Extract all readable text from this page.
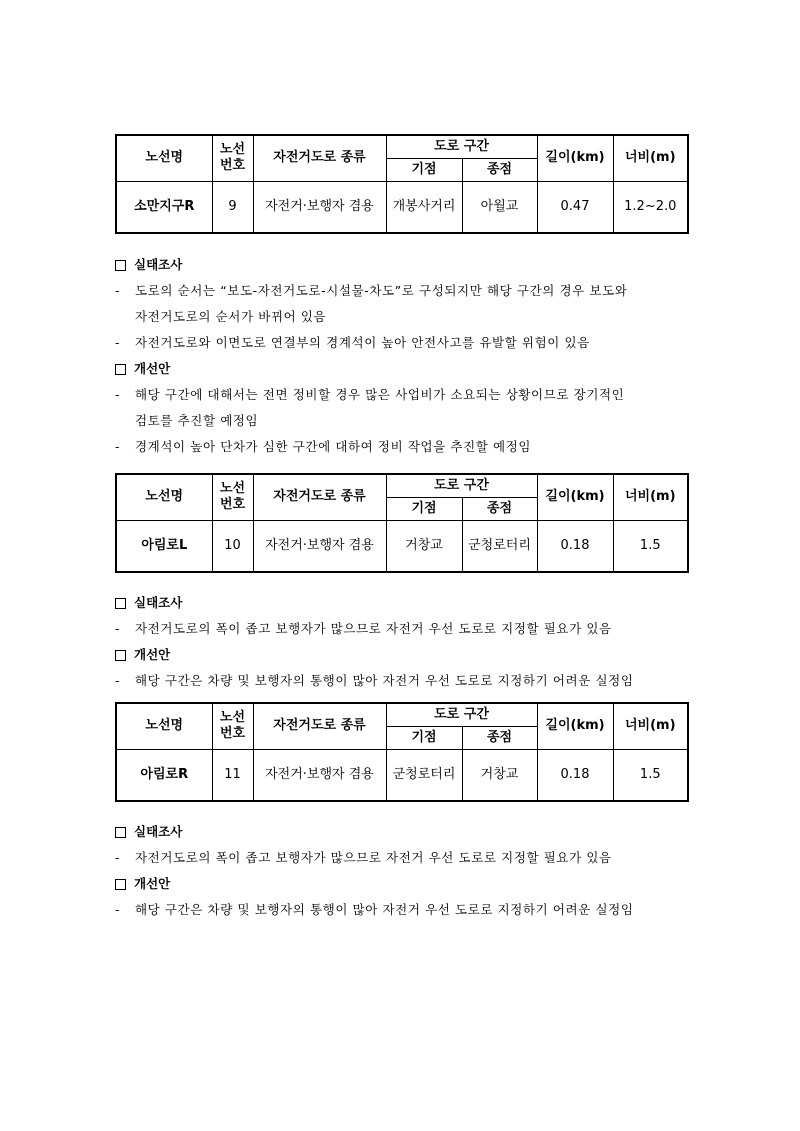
노선명	노선
번호	자전거도로 종류	도로 구간		길이(km)	너비(m)
			기점	종점		
소만지구R	9	자전거·보행자 겸용	개봉사거리	아월교	0.47	1.2~2.0
실태조사
- 도로의 순서는 “보도-자전거도로-시설물-차도”로 구성되지만 해당 구간의 경우 보도와
자전거도로의 순서가 바뀌어 있음
- 자전거도로와 이면도로 연결부의 경계석이 높아 안전사고를 유발할 위험이 있음
개선안
- 해당 구간에 대해서는 전면 정비할 경우 많은 사업비가 소요되는 상황이므로 장기적인
검토를 추진할 예정임
- 경계석이 높아 단차가 심한 구간에 대하여 정비 작업을 추진할 예정임
노선명	노선
번호	자전거도로 종류	도로 구간		길이(km)	너비(m)
			기점	종점		
아림로L	10	자전거·보행자 겸용	거창교	군청로터리	0.18	1.5
실태조사
- 자전거도로의 폭이 좁고 보행자가 많으므로 자전거 우선 도로로 지정할 필요가 있음
개선안
- 해당 구간은 차량 및 보행자의 통행이 많아 자전거 우선 도로로 지정하기 어려운 실정임
노선명	노선
번호	자전거도로 종류	도로 구간		길이(km)	너비(m)
			기점	종점		
아림로R	11	자전거·보행자 겸용	군청로터리	거창교	0.18	1.5
실태조사
- 자전거도로의 폭이 좁고 보행자가 많으므로 자전거 우선 도로로 지정할 필요가 있음
개선안
- 해당 구간은 차량 및 보행자의 통행이 많아 자전거 우선 도로로 지정하기 어려운 실정임
